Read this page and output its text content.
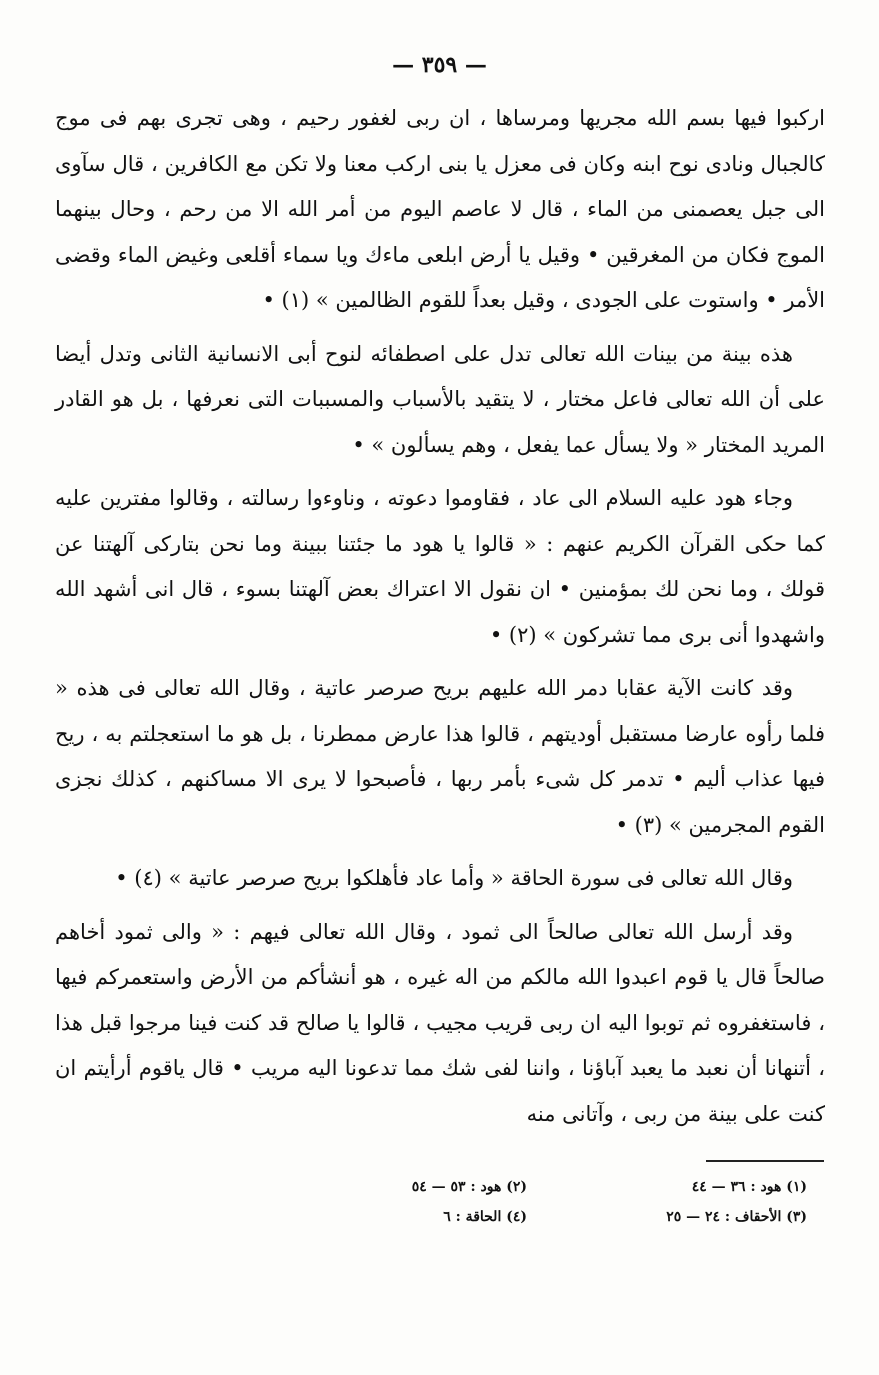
— ٣٥٩ —

اركبوا فيها بسم الله مجريها ومرساها ، ان ربى لغفور رحيم ، وهى تجرى بهم فى موج كالجبال ونادى نوح ابنه وكان فى معزل يا بنى اركب معنا ولا تكن مع الكافرين ، قال سآوى الى جبل يعصمنى من الماء ، قال لا عاصم اليوم من أمر الله الا من رحم ، وحال بينهما الموج فكان من المغرقين • وقيل يا أرض ابلعى ماءك ويا سماء أقلعى وغيض الماء وقضى الأمر • واستوت على الجودى ، وقيل بعداً للقوم الظالمين » (١) •

هذه بينة من بينات الله تعالى تدل على اصطفائه لنوح أبى الانسانية الثانى وتدل أيضا على أن الله تعالى فاعل مختار ، لا يتقيد بالأسباب والمسببات التى نعرفها ، بل هو القادر المريد المختار « ولا يسأل عما يفعل ، وهم يسألون » •

وجاء هود عليه السلام الى عاد ، فقاوموا دعوته ، وناوءوا رسالته ، وقالوا مفترين عليه كما حكى القرآن الكريم عنهم : « قالوا يا هود ما جئتنا ببينة وما نحن بتاركى آلهتنا عن قولك ، وما نحن لك بمؤمنين • ان نقول الا اعتراك بعض آلهتنا بسوء ، قال انى أشهد الله واشهدوا أنى برى مما تشركون » (٢) •

وقد كانت الآية عقابا دمر الله عليهم بريح صرصر عاتية ، وقال الله تعالى فى هذه « فلما رأوه عارضا مستقبل أوديتهم ، قالوا هذا عارض ممطرنا ، بل هو ما استعجلتم به ، ريح فيها عذاب أليم • تدمر كل شىء بأمر ربها ، فأصبحوا لا يرى الا مساكنهم ، كذلك نجزى القوم المجرمين » (٣) •

وقال الله تعالى فى سورة الحاقة « وأما عاد فأهلكوا بريح صرصر عاتية » (٤) •

وقد أرسل الله تعالى صالحاً الى ثمود ، وقال الله تعالى فيهم : « والى ثمود أخاهم صالحاً قال يا قوم اعبدوا الله مالكم من اله غيره ، هو أنشأكم من الأرض واستعمركم فيها ، فاستغفروه ثم توبوا اليه ان ربى قريب مجيب ، قالوا يا صالح قد كنت فينا مرجوا قبل هذا ، أتنهانا أن نعبد ما يعبد آباؤنا ، واننا لفى شك مما تدعونا اليه مريب • قال ياقوم أرأيتم ان كنت على بينة من ربى ، وآتانى منه

(١) هود : ٣٦ — ٤٤
(٢) هود : ٥٣ — ٥٤
(٣) الأحقاف : ٢٤ — ٢٥
(٤) الحاقة : ٦
